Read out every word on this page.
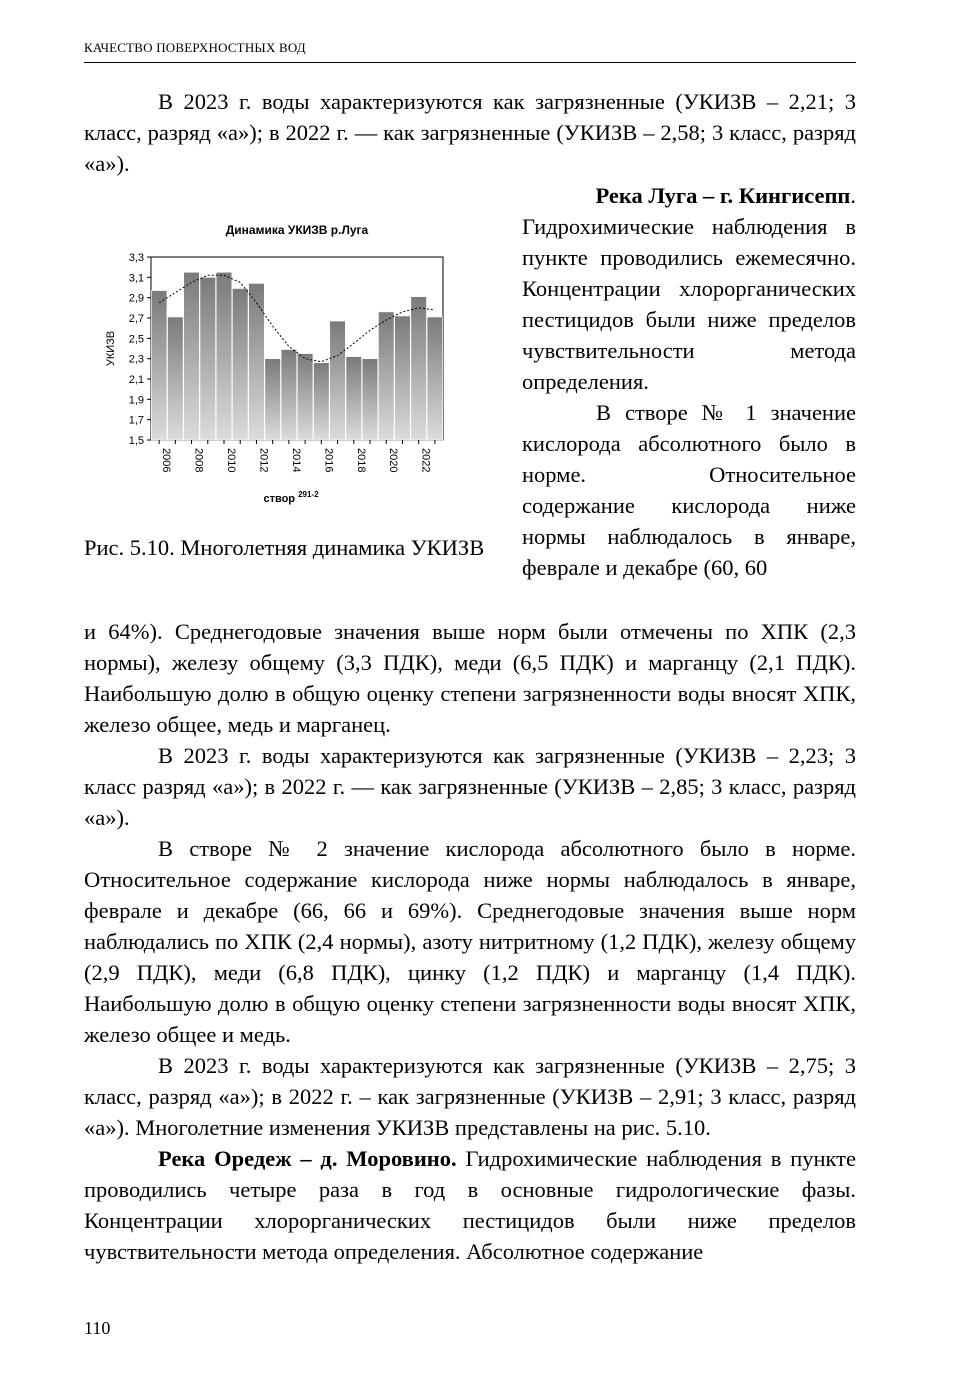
КАЧЕСТВО ПОВЕРХНОСТНЫХ ВОД

В 2023 г. воды характеризуются как загрязненные (УКИЗВ – 2,21; 3 класс, разряд «а»); в 2022 г. — как загрязненные (УКИЗВ – 2,58; 3 класс, разряд «а»).

Река Луга – г. Кингисепп.

Гидрохимические наблюдения в пункте проводились ежемесячно. Концентрации хлорорганических пестицидов были ниже пределов чувствительности метода определения.

В створе № 1 значение кислорода абсолютного было в норме. Относительное содержание кислорода ниже нормы наблюдалось в январе, феврале и декабре (60, 60

Динамика УКИЗВ р.Луга
1,5
1,7
1,9
2,1
2,3
2,5
2,7
2,9
3,1
3,3
УКИЗВ
2006 2008 2010 2012 2014 2016 2018 2020 2022
створ $^{291-2}$
Рис. 5.10. Многолетняя динамика УКИЗВ

и 64%). Среднегодовые значения выше норм были отмечены по ХПК (2,3 нормы), железу общему (3,3 ПДК), меди (6,5 ПДК) и марганцу (2,1 ПДК). Наибольшую долю в общую оценку степени загрязненности воды вносят ХПК, железо общее, медь и марганец.

В 2023 г. воды характеризуются как загрязненные (УКИЗВ – 2,23; 3 класс разряд «а»); в 2022 г. — как загрязненные (УКИЗВ – 2,85; 3 класс, разряд «а»).

В створе № 2 значение кислорода абсолютного было в норме. Относительное содержание кислорода ниже нормы наблюдалось в январе, феврале и декабре (66, 66 и 69%). Среднегодовые значения выше норм наблюдались по ХПК (2,4 нормы), азоту нитритному (1,2 ПДК), железу общему (2,9 ПДК), меди (6,8 ПДК), цинку (1,2 ПДК) и марганцу (1,4 ПДК). Наибольшую долю в общую оценку степени загрязненности воды вносят ХПК, железо общее и медь.

В 2023 г. воды характеризуются как загрязненные (УКИЗВ – 2,75; 3 класс, разряд «а»); в 2022 г. – как загрязненные (УКИЗВ – 2,91; 3 класс, разряд «а»). Многолетние изменения УКИЗВ представлены на рис. 5.10.

Река Оредеж – д. Моровино. Гидрохимические наблюдения в пункте проводились четыре раза в год в основные гидрологические фазы. Концентрации хлорорганических пестицидов были ниже пределов чувствительности метода определения. Абсолютное содержание

110
